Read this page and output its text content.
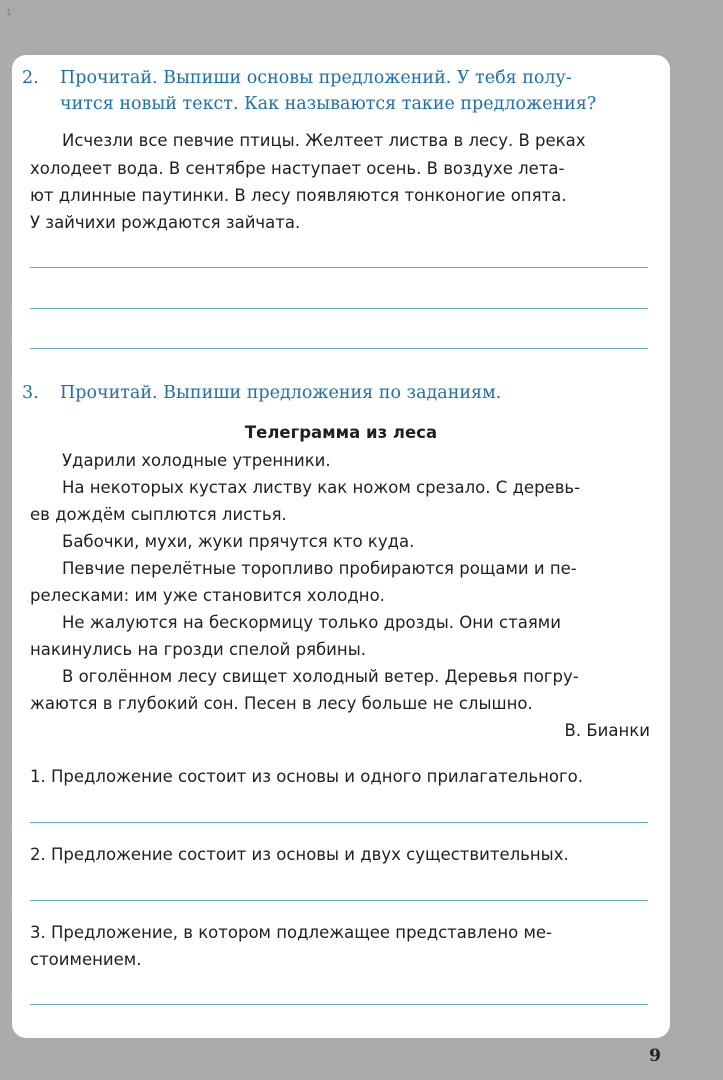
1'
2. Прочитай. Выпиши основы предложений. У тебя полу-
чится новый текст. Как называются такие предложения?
Исчезли все певчие птицы. Желтеет листва в лесу. В реках
холодеет вода. В сентябре наступает осень. В воздухе лета-
ют длинные паутинки. В лесу появляются тонконогие опята.
У зайчихи рождаются зайчата.
3. Прочитай. Выпиши предложения по заданиям.
Телеграмма из леса
Ударили холодные утренники.
На некоторых кустах листву как ножом срезало. С деревь-
ев дождём сыплются листья.
Бабочки, мухи, жуки прячутся кто куда.
Певчие перелётные торопливо пробираются рощами и пе-
релесками: им уже становится холодно.
Не жалуются на бескормицу только дрозды. Они стаями
накинулись на грозди спелой рябины.
В оголённом лесу свищет холодный ветер. Деревья погру-
жаются в глубокий сон. Песен в лесу больше не слышно.
В. Бианки
1. Предложение состоит из основы и одного прилагательного.
2. Предложение состоит из основы и двух существительных.
3. Предложение, в котором подлежащее представлено ме-
стоимением.
9
